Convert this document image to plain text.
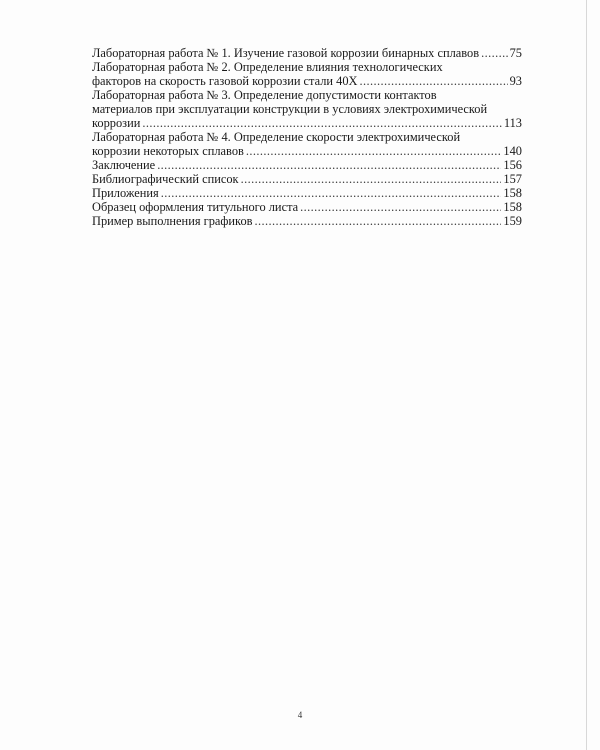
Лабораторная работа № 1. Изучение газовой коррозии бинарных сплавов ..... 75
Лабораторная работа № 2. Определение влияния технологических
факторов на скорость газовой коррозии стали 40Х .....	93
Лабораторная работа № 3. Определение допустимости контактов
материалов при эксплуатации конструкции в условиях электрохимической
коррозии .....	113
Лабораторная работа № 4. Определение скорости электрохимической
коррозии некоторых сплавов .....	140
Заключение .....	156
Библиографический список .....	157
Приложения .....	158
Образец оформления титульного листа .....	158
Пример выполнения графиков .....	159
4
